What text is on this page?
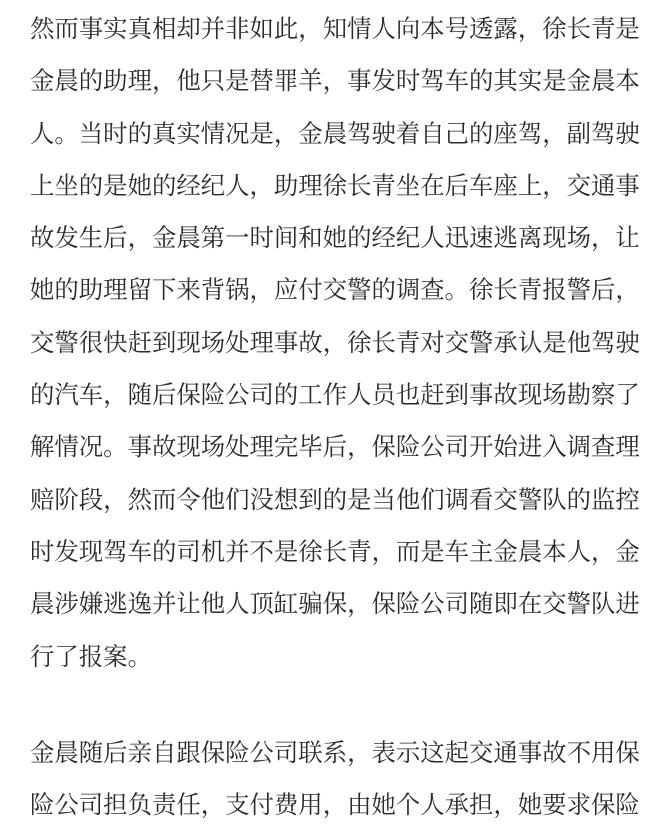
然而事实真相却并非如此，知情人向本号透露，徐长青是
金晨的助理，他只是替罪羊，事发时驾车的其实是金晨本
人。当时的真实情况是，金晨驾驶着自己的座驾，副驾驶
上坐的是她的经纪人，助理徐长青坐在后车座上，交通事
故发生后，金晨第一时间和她的经纪人迅速逃离现场，让
她的助理留下来背锅，应付交警的调查。徐长青报警后，
交警很快赶到现场处理事故，徐长青对交警承认是他驾驶
的汽车，随后保险公司的工作人员也赶到事故现场勘察了
解情况。事故现场处理完毕后，保险公司开始进入调查理
赔阶段，然而令他们没想到的是当他们调看交警队的监控
时发现驾车的司机并不是徐长青，而是车主金晨本人，金
晨涉嫌逃逸并让他人顶缸骗保，保险公司随即在交警队进
行了报案。
金晨随后亲自跟保险公司联系，表示这起交通事故不用保
险公司担负责任，支付费用，由她个人承担，她要求保险
